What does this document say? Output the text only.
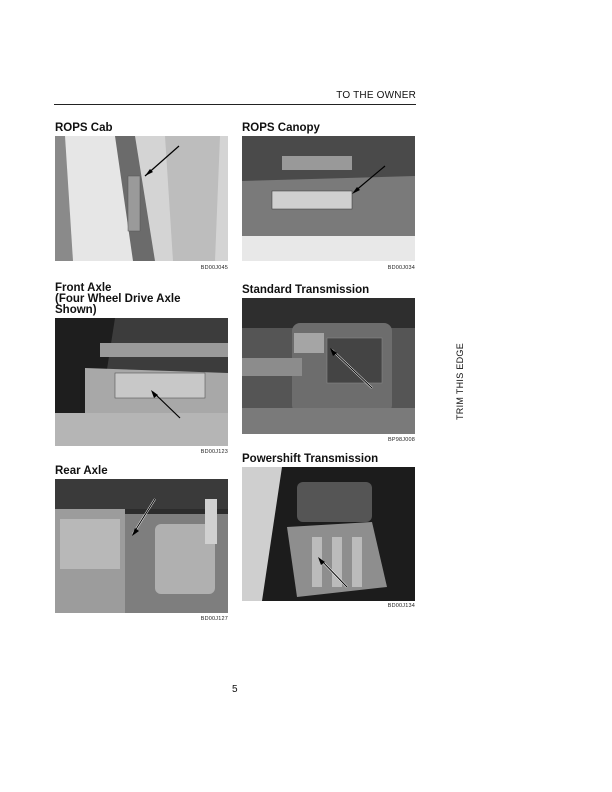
TO THE OWNER
ROPS Cab
BD00J045
ROPS Canopy
BD00J034
Front Axle
(Four Wheel Drive Axle
Shown)
BD00J123
Standard Transmission
BP98J008
Rear Axle
BD00J127
Powershift Transmission
BD00J134
TRIM THIS EDGE
5
